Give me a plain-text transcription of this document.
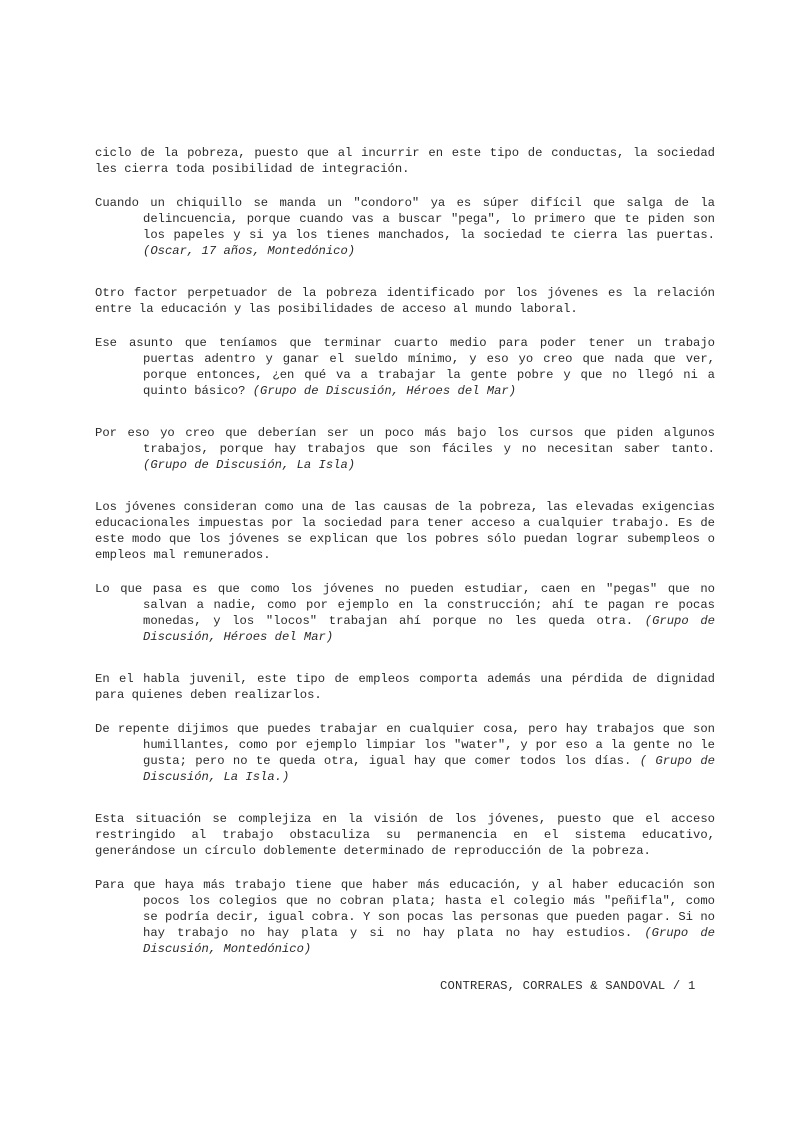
ciclo de la pobreza, puesto que al incurrir en este tipo de conductas, la sociedad les cierra toda posibilidad de integración.

Cuando un chiquillo se manda un "condoro" ya es súper difícil que salga de la delincuencia, porque cuando vas a buscar "pega", lo primero que te piden son los papeles y si ya los tienes manchados, la sociedad te cierra las puertas. (Oscar, 17 años, Montedónico)

Otro factor perpetuador de la pobreza identificado por los jóvenes es la relación entre la educación y las posibilidades de acceso al mundo laboral.

Ese asunto que teníamos que terminar cuarto medio para poder tener un trabajo puertas adentro y ganar el sueldo mínimo, y eso yo creo que nada que ver, porque entonces, ¿en qué va a trabajar la gente pobre y que no llegó ni a quinto básico? (Grupo de Discusión, Héroes del Mar)

Por eso yo creo que deberían ser un poco más bajo los cursos que piden algunos trabajos, porque hay trabajos que son fáciles y no necesitan saber tanto. (Grupo de Discusión, La Isla)

Los jóvenes consideran como una de las causas de la pobreza, las elevadas exigencias educacionales impuestas por la sociedad para tener acceso a cualquier trabajo. Es de este modo que los jóvenes se explican que los pobres sólo puedan lograr subempleos o empleos mal remunerados.

Lo que pasa es que como los jóvenes no pueden estudiar, caen en "pegas" que no salvan a nadie, como por ejemplo en la construcción; ahí te pagan re pocas monedas, y los "locos" trabajan ahí porque no les queda otra. (Grupo de Discusión, Héroes del Mar)

En el habla juvenil, este tipo de empleos comporta además una pérdida de dignidad para quienes deben realizarlos.

De repente dijimos que puedes trabajar en cualquier cosa, pero hay trabajos que son humillantes, como por ejemplo limpiar los "water", y por eso a la gente no le gusta; pero no te queda otra, igual hay que comer todos los días. ( Grupo de Discusión, La Isla.)

Esta situación se complejiza en la visión de los jóvenes, puesto que el acceso restringido al trabajo obstaculiza su permanencia en el sistema educativo, generándose un círculo doblemente determinado de reproducción de la pobreza.

Para que haya más trabajo tiene que haber más educación, y al haber educación son pocos los colegios que no cobran plata; hasta el colegio más "peñifla", como se podría decir, igual cobra. Y son pocas las personas que pueden pagar. Si no hay trabajo no hay plata y si no hay plata no hay estudios. (Grupo de Discusión, Montedónico)

CONTRERAS, CORRALES & SANDOVAL / 1
